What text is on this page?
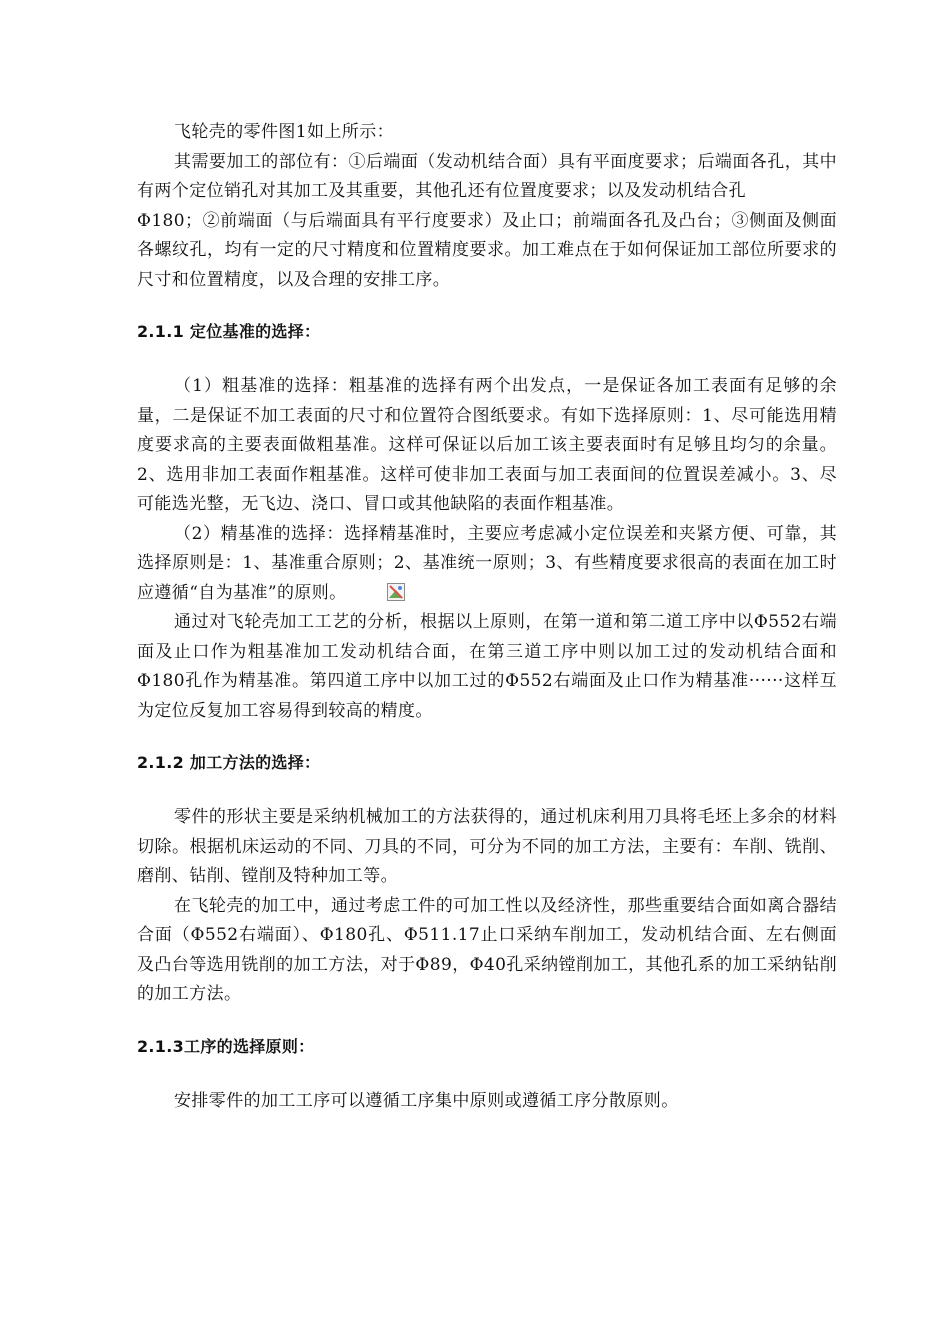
飞轮壳的零件图1如上所示：

其需要加工的部位有：①后端面（发动机结合面）具有平面度要求；后端面各孔，其中有两个定位销孔对其加工及其重要，其他孔还有位置度要求；以及发动机结合孔

Φ180；②前端面（与后端面具有平行度要求）及止口；前端面各孔及凸台；③侧面及侧面各螺纹孔，均有一定的尺寸精度和位置精度要求。加工难点在于如何保证加工部位所要求的尺寸和位置精度，以及合理的安排工序。

2.1.1 定位基准的选择：

（1）粗基准的选择：粗基准的选择有两个出发点，一是保证各加工表面有足够的余量，二是保证不加工表面的尺寸和位置符合图纸要求。有如下选择原则：1、尽可能选用精度要求高的主要表面做粗基准。这样可保证以后加工该主要表面时有足够且均匀的余量。2、选用非加工表面作粗基准。这样可使非加工表面与加工表面间的位置误差减小。3、尽可能选光整，无飞边、浇口、冒口或其他缺陷的表面作粗基准。

（2）精基准的选择：选择精基准时，主要应考虑减小定位误差和夹紧方便、可靠，其选择原则是：1、基准重合原则；2、基准统一原则；3、有些精度要求很高的表面在加工时应遵循“自为基准”的原则。

通过对飞轮壳加工工艺的分析，根据以上原则，在第一道和第二道工序中以Φ552右端面及止口作为粗基准加工发动机结合面，在第三道工序中则以加工过的发动机结合面和Φ180孔作为精基准。第四道工序中以加工过的Φ552右端面及止口作为精基准······这样互为定位反复加工容易得到较高的精度。

2.1.2 加工方法的选择：

零件的形状主要是采纳机械加工的方法获得的，通过机床利用刀具将毛坯上多余的材料切除。根据机床运动的不同、刀具的不同，可分为不同的加工方法，主要有：车削、铣削、磨削、钻削、镗削及特种加工等。

在飞轮壳的加工中，通过考虑工件的可加工性以及经济性，那些重要结合面如离合器结合面（Φ552右端面）、Φ180孔、Φ511.17止口采纳车削加工，发动机结合面、左右侧面及凸台等选用铣削的加工方法，对于Φ89，Φ40孔采纳镗削加工，其他孔系的加工采纳钻削的加工方法。

2.1.3工序的选择原则：

安排零件的加工工序可以遵循工序集中原则或遵循工序分散原则。
